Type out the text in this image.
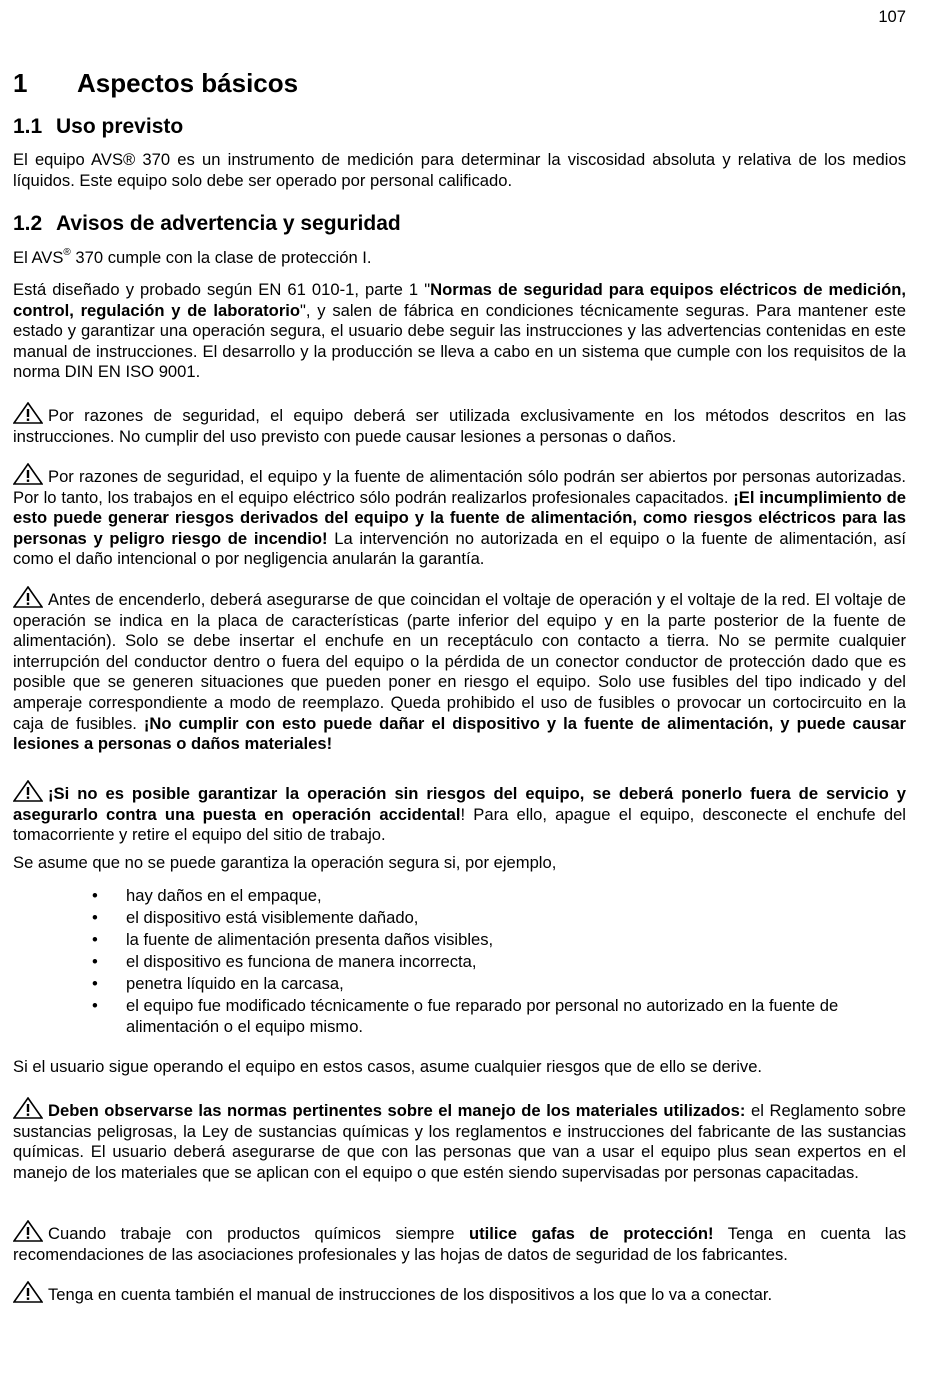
107
1 Aspectos básicos
1.1 Uso previsto

El equipo AVS® 370 es un instrumento de medición para determinar la viscosidad absoluta y relativa de los medios líquidos. Este equipo solo debe ser operado por personal calificado.

1.2 Avisos de advertencia y seguridad

El AVS® 370 cumple con la clase de protección I.

Está diseñado y probado según EN 61 010-1, parte 1 "Normas de seguridad para equipos eléctricos de medición, control, regulación y de laboratorio", y salen de fábrica en condiciones técnicamente seguras. Para mantener este estado y garantizar una operación segura, el usuario debe seguir las instrucciones y las advertencias contenidas en este manual de instrucciones. El desarrollo y la producción se lleva a cabo en un sistema que cumple con los requisitos de la norma DIN EN ISO 9001.

Por razones de seguridad, el equipo deberá ser utilizada exclusivamente en los métodos descritos en las instrucciones. No cumplir del uso previsto con puede causar lesiones a personas o daños.

Por razones de seguridad, el equipo y la fuente de alimentación sólo podrán ser abiertos por personas autorizadas. Por lo tanto, los trabajos en el equipo eléctrico sólo podrán realizarlos profesionales capacitados. ¡El incumplimiento de esto puede generar riesgos derivados del equipo y la fuente de alimentación, como riesgos eléctricos para las personas y peligro riesgo de incendio! La intervención no autorizada en el equipo o la fuente de alimentación, así como el daño intencional o por negligencia anularán la garantía.

Antes de encenderlo, deberá asegurarse de que coincidan el voltaje de operación y el voltaje de la red. El voltaje de operación se indica en la placa de características (parte inferior del equipo y en la parte posterior de la fuente de alimentación). Solo se debe insertar el enchufe en un receptáculo con contacto a tierra. No se permite cualquier interrupción del conductor dentro o fuera del equipo o la pérdida de un conector conductor de protección dado que es posible que se generen situaciones que pueden poner en riesgo el equipo. Solo use fusibles del tipo indicado y del amperaje correspondiente a modo de reemplazo. Queda prohibido el uso de fusibles o provocar un cortocircuito en la caja de fusibles. ¡No cumplir con esto puede dañar el dispositivo y la fuente de alimentación, y puede causar lesiones a personas o daños materiales!

¡Si no es posible garantizar la operación sin riesgos del equipo, se deberá ponerlo fuera de servicio y asegurarlo contra una puesta en operación accidental! Para ello, apague el equipo, desconecte el enchufe del tomacorriente y retire el equipo del sitio de trabajo.

Se asume que no se puede garantiza la operación segura si, por ejemplo,

• hay daños en el empaque,
• el dispositivo está visiblemente dañado,
• la fuente de alimentación presenta daños visibles,
• el dispositivo es funciona de manera incorrecta,
• penetra líquido en la carcasa,
• el equipo fue modificado técnicamente o fue reparado por personal no autorizado en la fuente de alimentación o el equipo mismo.

Si el usuario sigue operando el equipo en estos casos, asume cualquier riesgos que de ello se derive.

Deben observarse las normas pertinentes sobre el manejo de los materiales utilizados: el Reglamento sobre sustancias peligrosas, la Ley de sustancias químicas y los reglamentos e instrucciones del fabricante de las sustancias químicas. El usuario deberá asegurarse de que con las personas que van a usar el equipo plus sean expertos en el manejo de los materiales que se aplican con el equipo o que estén siendo supervisadas por personas capacitadas.

Cuando trabaje con productos químicos siempre utilice gafas de protección! Tenga en cuenta las recomendaciones de las asociaciones profesionales y las hojas de datos de seguridad de los fabricantes.

Tenga en cuenta también el manual de instrucciones de los dispositivos a los que lo va a conectar.
